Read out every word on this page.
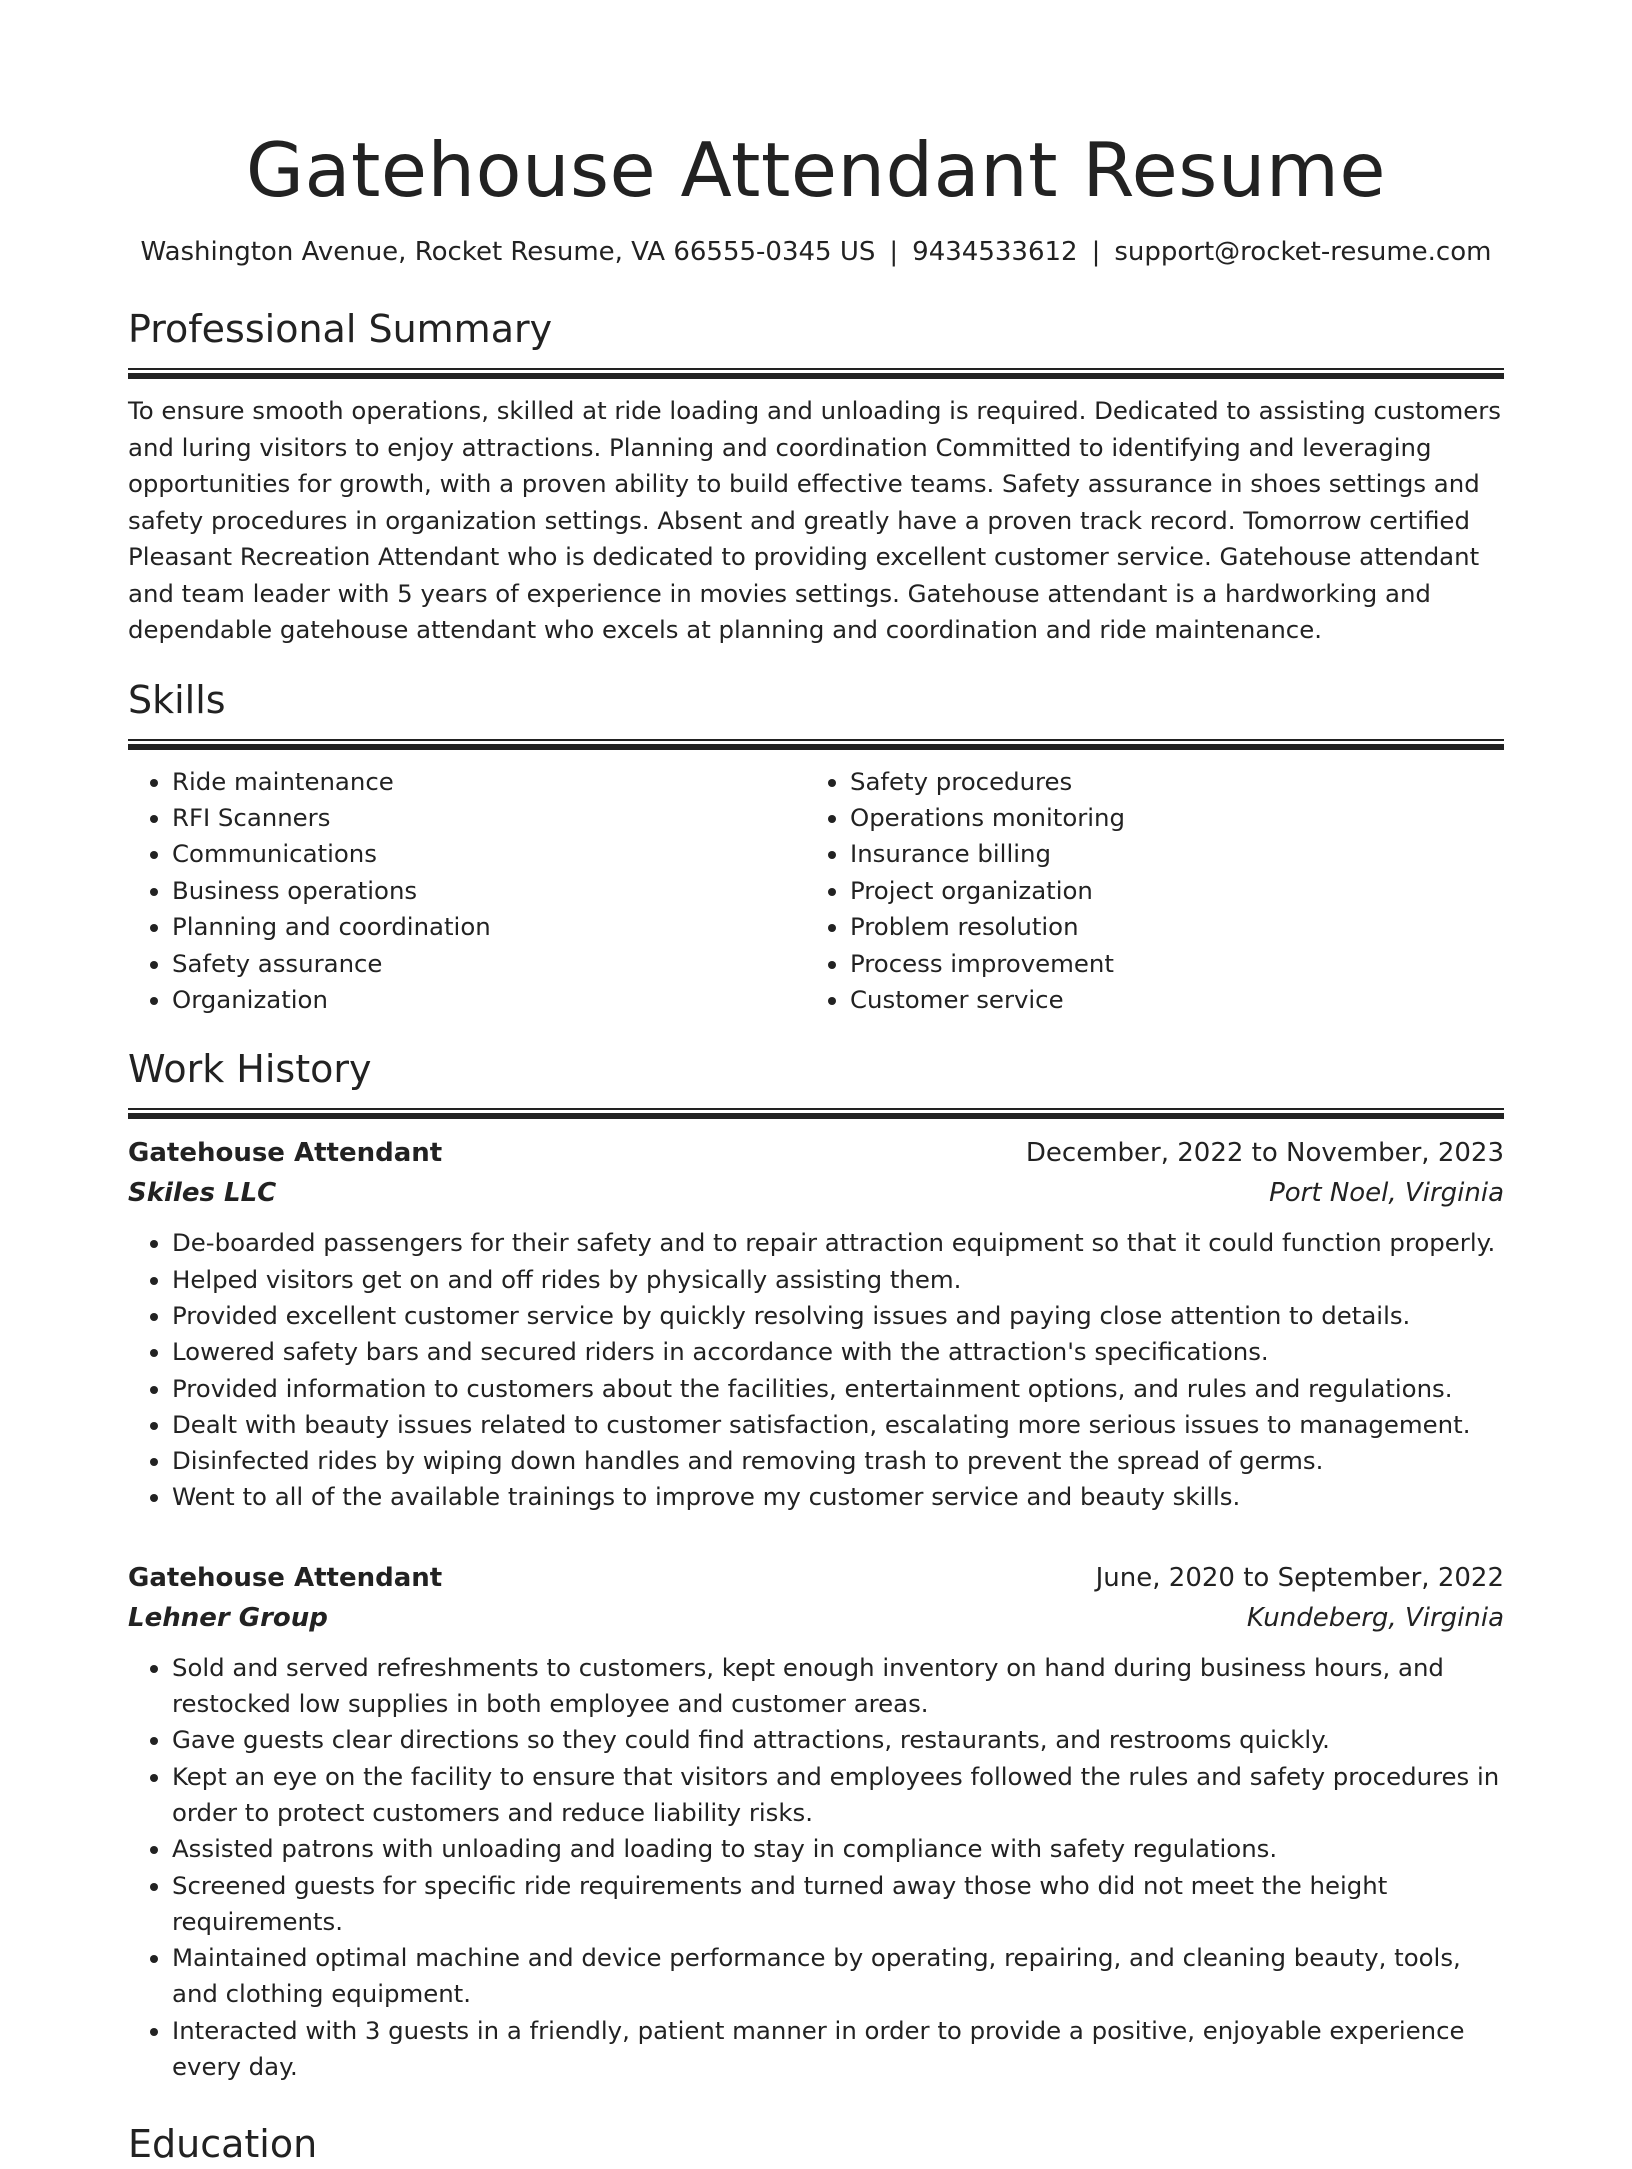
Gatehouse Attendant Resume
Washington Avenue, Rocket Resume, VA 66555-0345 US | 9434533612 | support@rocket-resume.com
Professional Summary

To ensure smooth operations, skilled at ride loading and unloading is required. Dedicated to assisting customers and luring visitors to enjoy attractions. Planning and coordination Committed to identifying and leveraging opportunities for growth, with a proven ability to build effective teams. Safety assurance in shoes settings and safety procedures in organization settings. Absent and greatly have a proven track record. Tomorrow certified Pleasant Recreation Attendant who is dedicated to providing excellent customer service. Gatehouse attendant and team leader with 5 years of experience in movies settings. Gatehouse attendant is a hardworking and dependable gatehouse attendant who excels at planning and coordination and ride maintenance.

Skills
• Ride maintenance
• RFI Scanners
• Communications
• Business operations
• Planning and coordination
• Safety assurance
• Organization
• Safety procedures
• Operations monitoring
• Insurance billing
• Project organization
• Problem resolution
• Process improvement
• Customer service
Work History
Gatehouse Attendant	December, 2022 to November, 2023
Skiles LLC	Port Noel, Virginia
• De-boarded passengers for their safety and to repair attraction equipment so that it could function properly.
• Helped visitors get on and off rides by physically assisting them.
• Provided excellent customer service by quickly resolving issues and paying close attention to details.
• Lowered safety bars and secured riders in accordance with the attraction's specifications.
• Provided information to customers about the facilities, entertainment options, and rules and regulations.
• Dealt with beauty issues related to customer satisfaction, escalating more serious issues to management.
• Disinfected rides by wiping down handles and removing trash to prevent the spread of germs.
• Went to all of the available trainings to improve my customer service and beauty skills.
Gatehouse Attendant	June, 2020 to September, 2022
Lehner Group	Kundeberg, Virginia
• Sold and served refreshments to customers, kept enough inventory on hand during business hours, and restocked low supplies in both employee and customer areas.
• Gave guests clear directions so they could find attractions, restaurants, and restrooms quickly.
• Kept an eye on the facility to ensure that visitors and employees followed the rules and safety procedures in order to protect customers and reduce liability risks.
• Assisted patrons with unloading and loading to stay in compliance with safety regulations.
• Screened guests for specific ride requirements and turned away those who did not meet the height requirements.
• Maintained optimal machine and device performance by operating, repairing, and cleaning beauty, tools, and clothing equipment.
• Interacted with 3 guests in a friendly, patient manner in order to provide a positive, enjoyable experience every day.
Education
